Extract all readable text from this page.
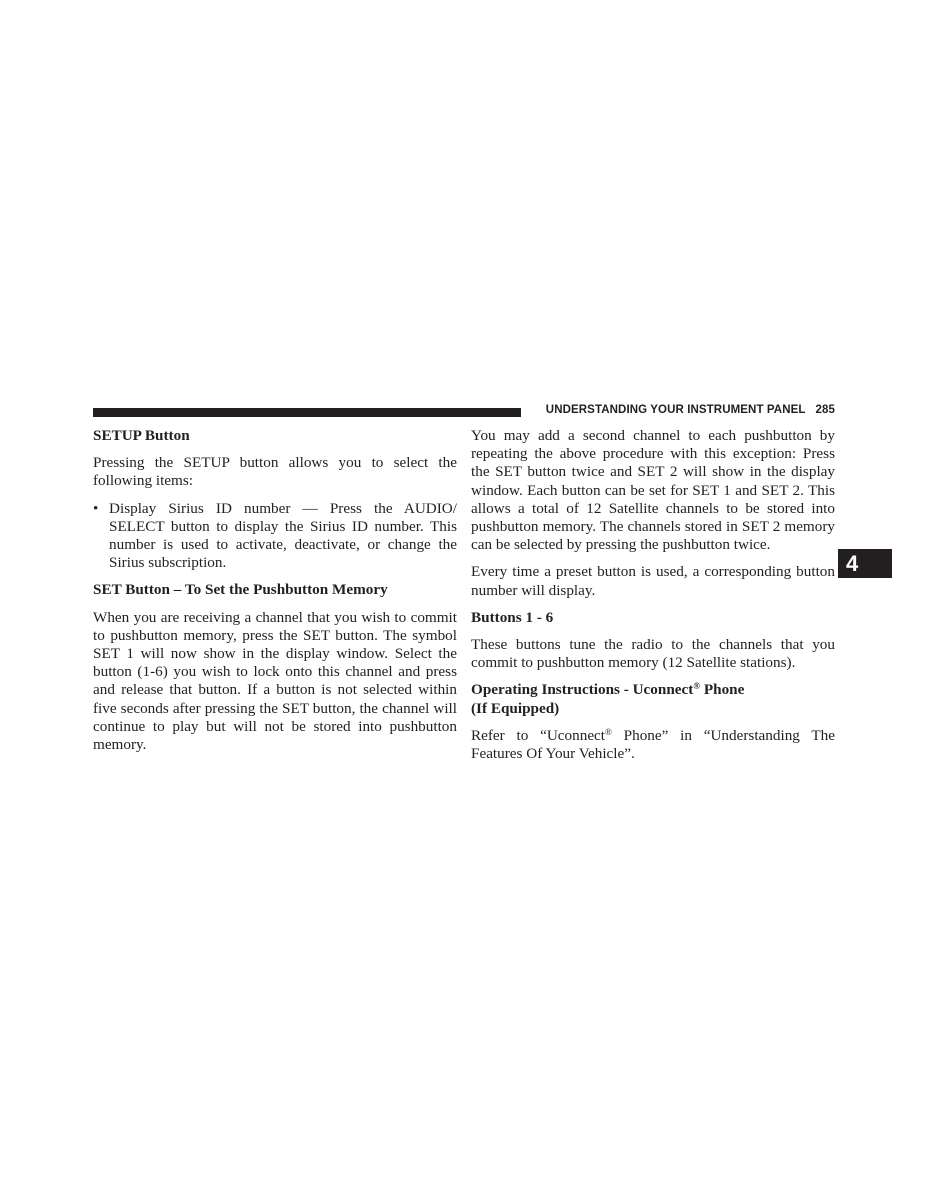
UNDERSTANDING YOUR INSTRUMENT PANEL 285
SETUP Button

Pressing the SETUP button allows you to select the following items:

• Display Sirius ID number — Press the AUDIO/ SELECT button to display the Sirius ID number. This number is used to activate, deactivate, or change the Sirius subscription.
SET Button – To Set the Pushbutton Memory

When you are receiving a channel that you wish to commit to pushbutton memory, press the SET button. The symbol SET 1 will now show in the display window. Select the button (1-6) you wish to lock onto this channel and press and release that button. If a button is not selected within five seconds after pressing the SET button, the channel will continue to play but will not be stored into pushbutton memory.

You may add a second channel to each pushbutton by repeating the above procedure with this exception: Press the SET button twice and SET 2 will show in the display window. Each button can be set for SET 1 and SET 2. This allows a total of 12 Satellite channels to be stored into pushbutton memory. The channels stored in SET 2 memory can be selected by pressing the pushbutton twice.

Every time a preset button is used, a corresponding button number will display.

Buttons 1 - 6

These buttons tune the radio to the channels that you commit to pushbutton memory (12 Satellite stations).

Operating Instructions - Uconnect® Phone
(If Equipped)

Refer to “Uconnect® Phone” in “Understanding The Features Of Your Vehicle”.

4
